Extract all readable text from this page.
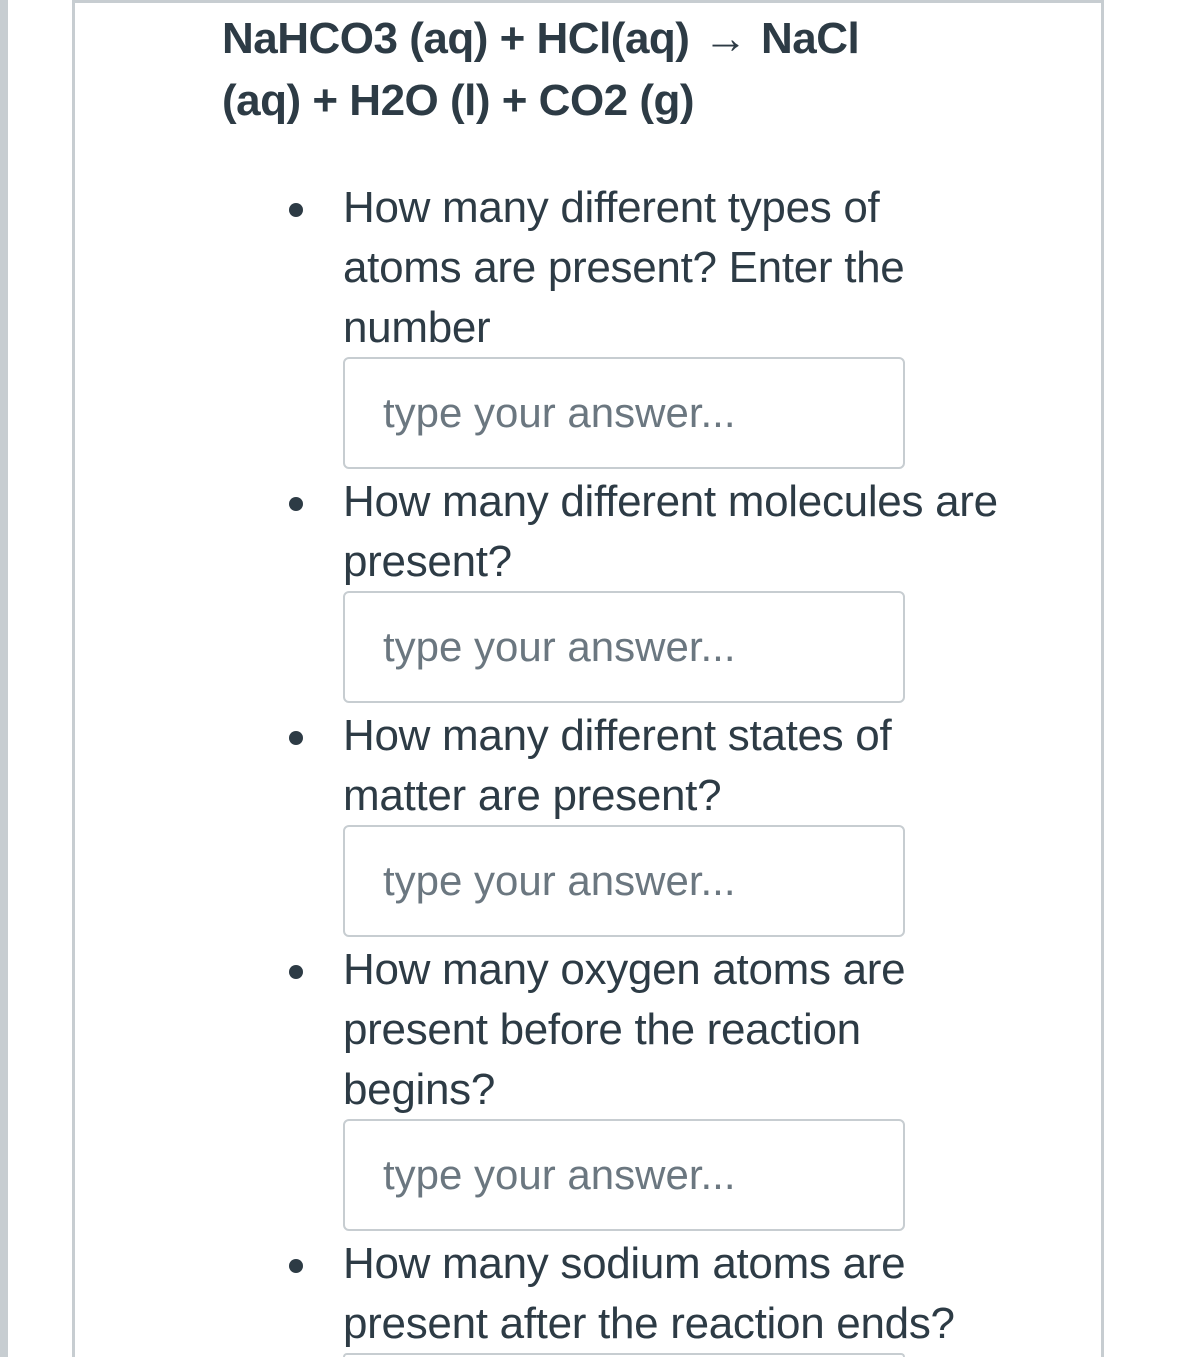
NaHCO3 (aq) + HCl(aq) → NaCl
(aq) + H2O (l) + CO2 (g)
How many different types of atoms are present? Enter the number
type your answer...
How many different molecules are present?
type your answer...
How many different states of matter are present?
type your answer...
How many oxygen atoms are present before the reaction begins?
type your answer...
How many sodium atoms are present after the reaction ends?
